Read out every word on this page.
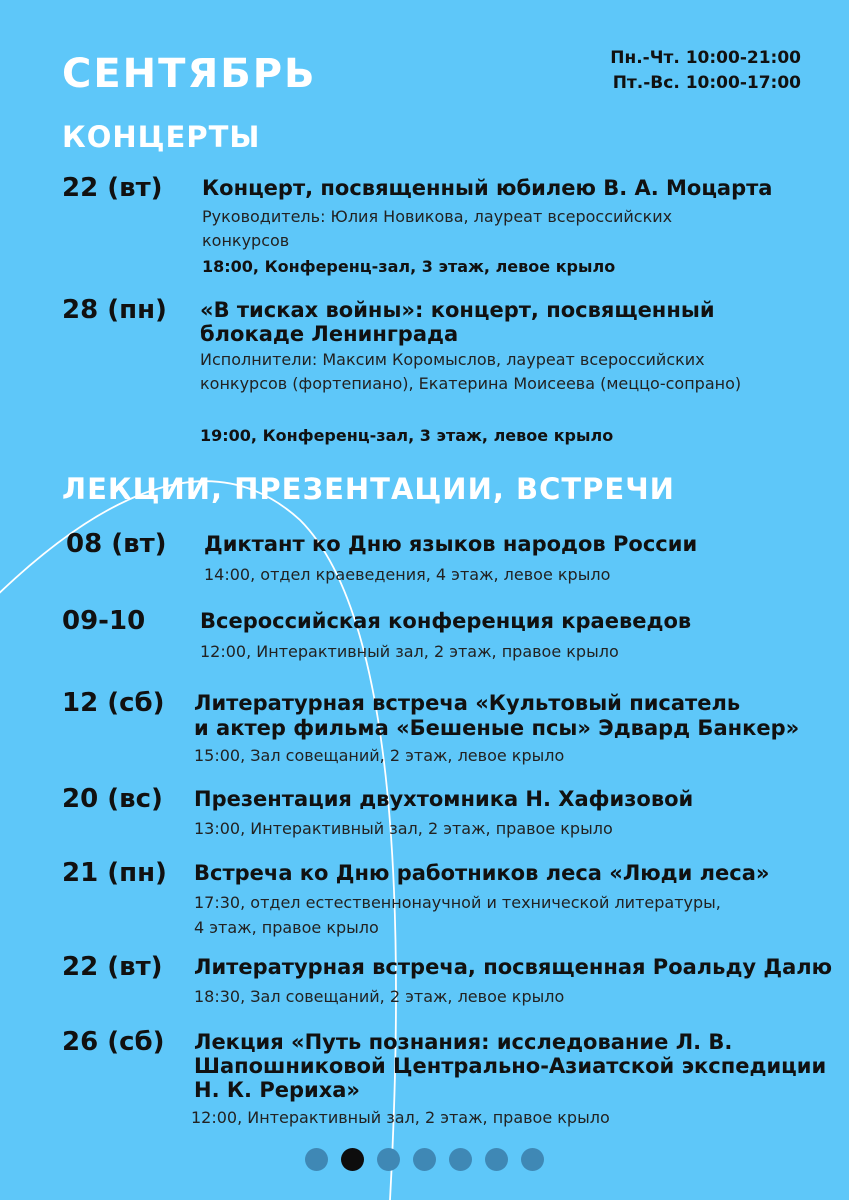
СЕНТЯБРЬ	Пн.-Чт. 10:00-21:00
Пт.-Вс. 10:00-17:00
КОНЦЕРТЫ
22 (вт) Концерт, посвященный юбилею В. А. Моцарта
Руководитель: Юлия Новикова, лауреат всероссийских конкурсов
18:00, Конференц-зал, 3 этаж, левое крыло
28 (пн) «В тисках войны»: концерт, посвященный
блокаде Ленинграда
Исполнители: Максим Коромыслов, лауреат всероссийских конкурсов (фортепиано), Екатерина Моисеева (меццо-сопрано)
19:00, Конференц-зал, 3 этаж, левое крыло
ЛЕКЦИИ, ПРЕЗЕНТАЦИИ, ВСТРЕЧИ
08 (вт) Диктант ко Дню языков народов России
14:00, отдел краеведения, 4 этаж, левое крыло
09-10	Всероссийская конференция краеведов
12:00, Интерактивный зал, 2 этаж, правое крыло
12 (сб) Литературная встреча «Культовый писатель
и актер фильма «Бешеные псы» Эдвард Банкер»
15:00, Зал совещаний, 2 этаж, левое крыло
20 (вс) Презентация двухтомника Н. Хафизовой
13:00, Интерактивный зал, 2 этаж, правое крыло
21 (пн) Встреча ко Дню работников леса «Люди леса»
17:30, отдел естественнонаучной и технической литературы,
4 этаж, правое крыло
22 (вт) Литературная встреча, посвященная Роальду Далю
18:30, Зал совещаний, 2 этаж, левое крыло
26 (сб) Лекция «Путь познания: исследование Л. В.
Шапошниковой Центрально-Азиатской экспедиции
Н. К. Рериха»
12:00, Интерактивный зал, 2 этаж, правое крыло
